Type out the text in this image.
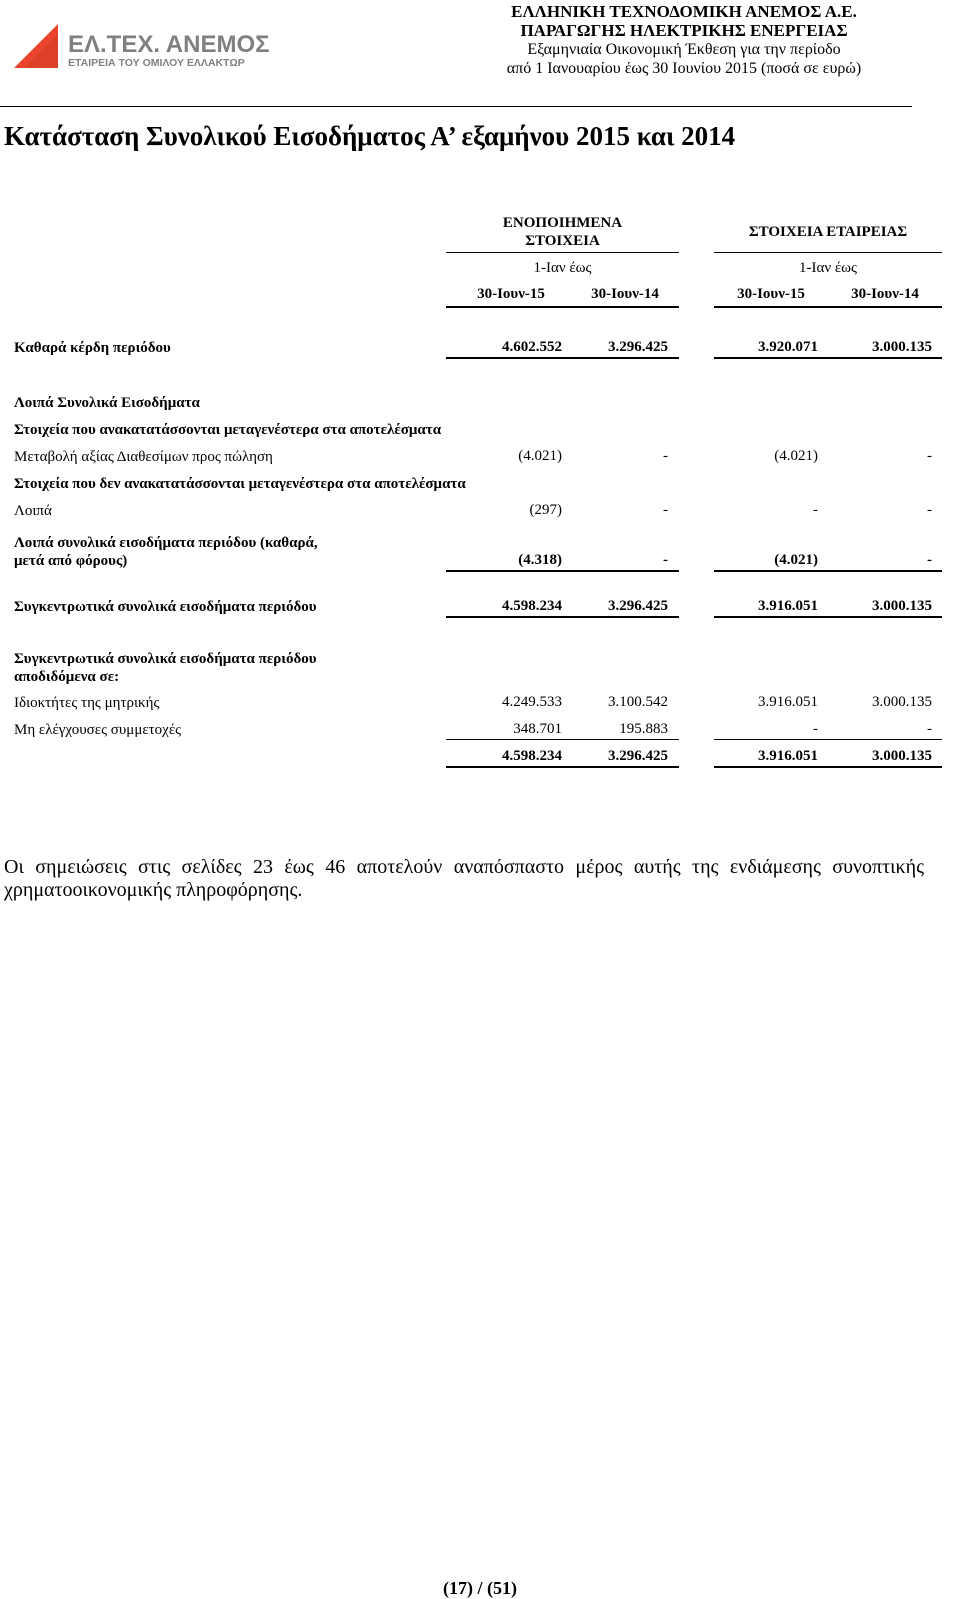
ΕΛ.ΤΕΧ. ΑΝΕΜΟΣ
ΕΤΑΙΡΕΙΑ ΤΟΥ ΟΜΙΛΟΥ ΕΛΛΑΚΤΩΡ
ΕΛΛΗΝΙΚΗ ΤΕΧΝΟΔΟΜΙΚΗ ΑΝΕΜΟΣ Α.Ε.
ΠΑΡΑΓΩΓΗΣ ΗΛΕΚΤΡΙΚΗΣ ΕΝΕΡΓΕΙΑΣ
Εξαμηνιαία Οικονομική Έκθεση για την περίοδο
από 1 Ιανουαρίου έως 30 Ιουνίου 2015 (ποσά σε ευρώ)
Κατάσταση Συνολικού Εισοδήματος Α’ εξαμήνου 2015 και 2014
ΕΝΟΠΟΙΗΜΕΝΑ
ΣΤΟΙΧΕΙΑ
ΣΤΟΙΧΕΙΑ ΕΤΑΙΡΕΙΑΣ
1-Ιαν έως	1-Ιαν έως
30-Ιουν-15	30-Ιουν-14	30-Ιουν-15	30-Ιουν-14
Καθαρά κέρδη περιόδου	4.602.552	3.296.425	3.920.071	3.000.135
Λοιπά Συνολικά Εισοδήματα
Στοιχεία που ανακατατάσσονται μεταγενέστερα στα αποτελέσματα
Μεταβολή αξίας Διαθεσίμων προς πώληση	(4.021)	-	(4.021)	-
Στοιχεία που δεν ανακατατάσσονται μεταγενέστερα στα αποτελέσματα
Λοιπά	(297)	-	-	-
Λοιπά συνολικά εισοδήματα περιόδου (καθαρά,
μετά από φόρους)	(4.318)	-	(4.021)	-
Συγκεντρωτικά συνολικά εισοδήματα περιόδου	4.598.234	3.296.425	3.916.051	3.000.135
Συγκεντρωτικά συνολικά εισοδήματα περιόδου
αποδιδόμενα σε:
Ιδιοκτήτες της μητρικής	4.249.533	3.100.542	3.916.051	3.000.135
Μη ελέγχουσες συμμετοχές	348.701	195.883	-	-
4.598.234	3.296.425	3.916.051	3.000.135
Οι σημειώσεις στις σελίδες 23 έως 46 αποτελούν αναπόσπαστο μέρος αυτής της ενδιάμεσης συνοπτικής χρηματοοικονομικής πληροφόρησης.
(17) / (51)
